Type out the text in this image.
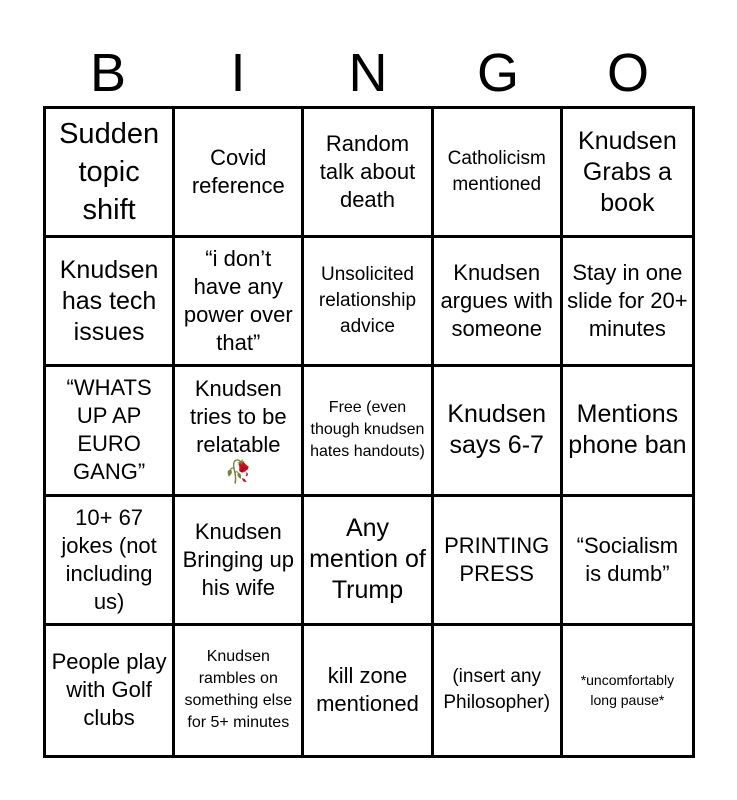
B	I	N	G	O
Sudden topic shift
Covid reference
Random talk about death
Catholicism mentioned
Knudsen Grabs a book
Knudsen has tech issues
“i don’t have any power over that”
Unsolicited relationship advice
Knudsen argues with someone
Stay in one slide for 20+ minutes
“WHATS UP AP EURO GANG”
Knudsen tries to be relatable
🥀
Free (even though knudsen hates handouts)
Knudsen says 6-7
Mentions phone ban
10+ 67 jokes (not including us)
Knudsen Bringing up his wife
Any mention of Trump
PRINTING PRESS
“Socialism is dumb”
People play with Golf clubs
Knudsen rambles on something else for 5+ minutes
kill zone mentioned
(insert any Philosopher)
*uncomfortably long pause*
